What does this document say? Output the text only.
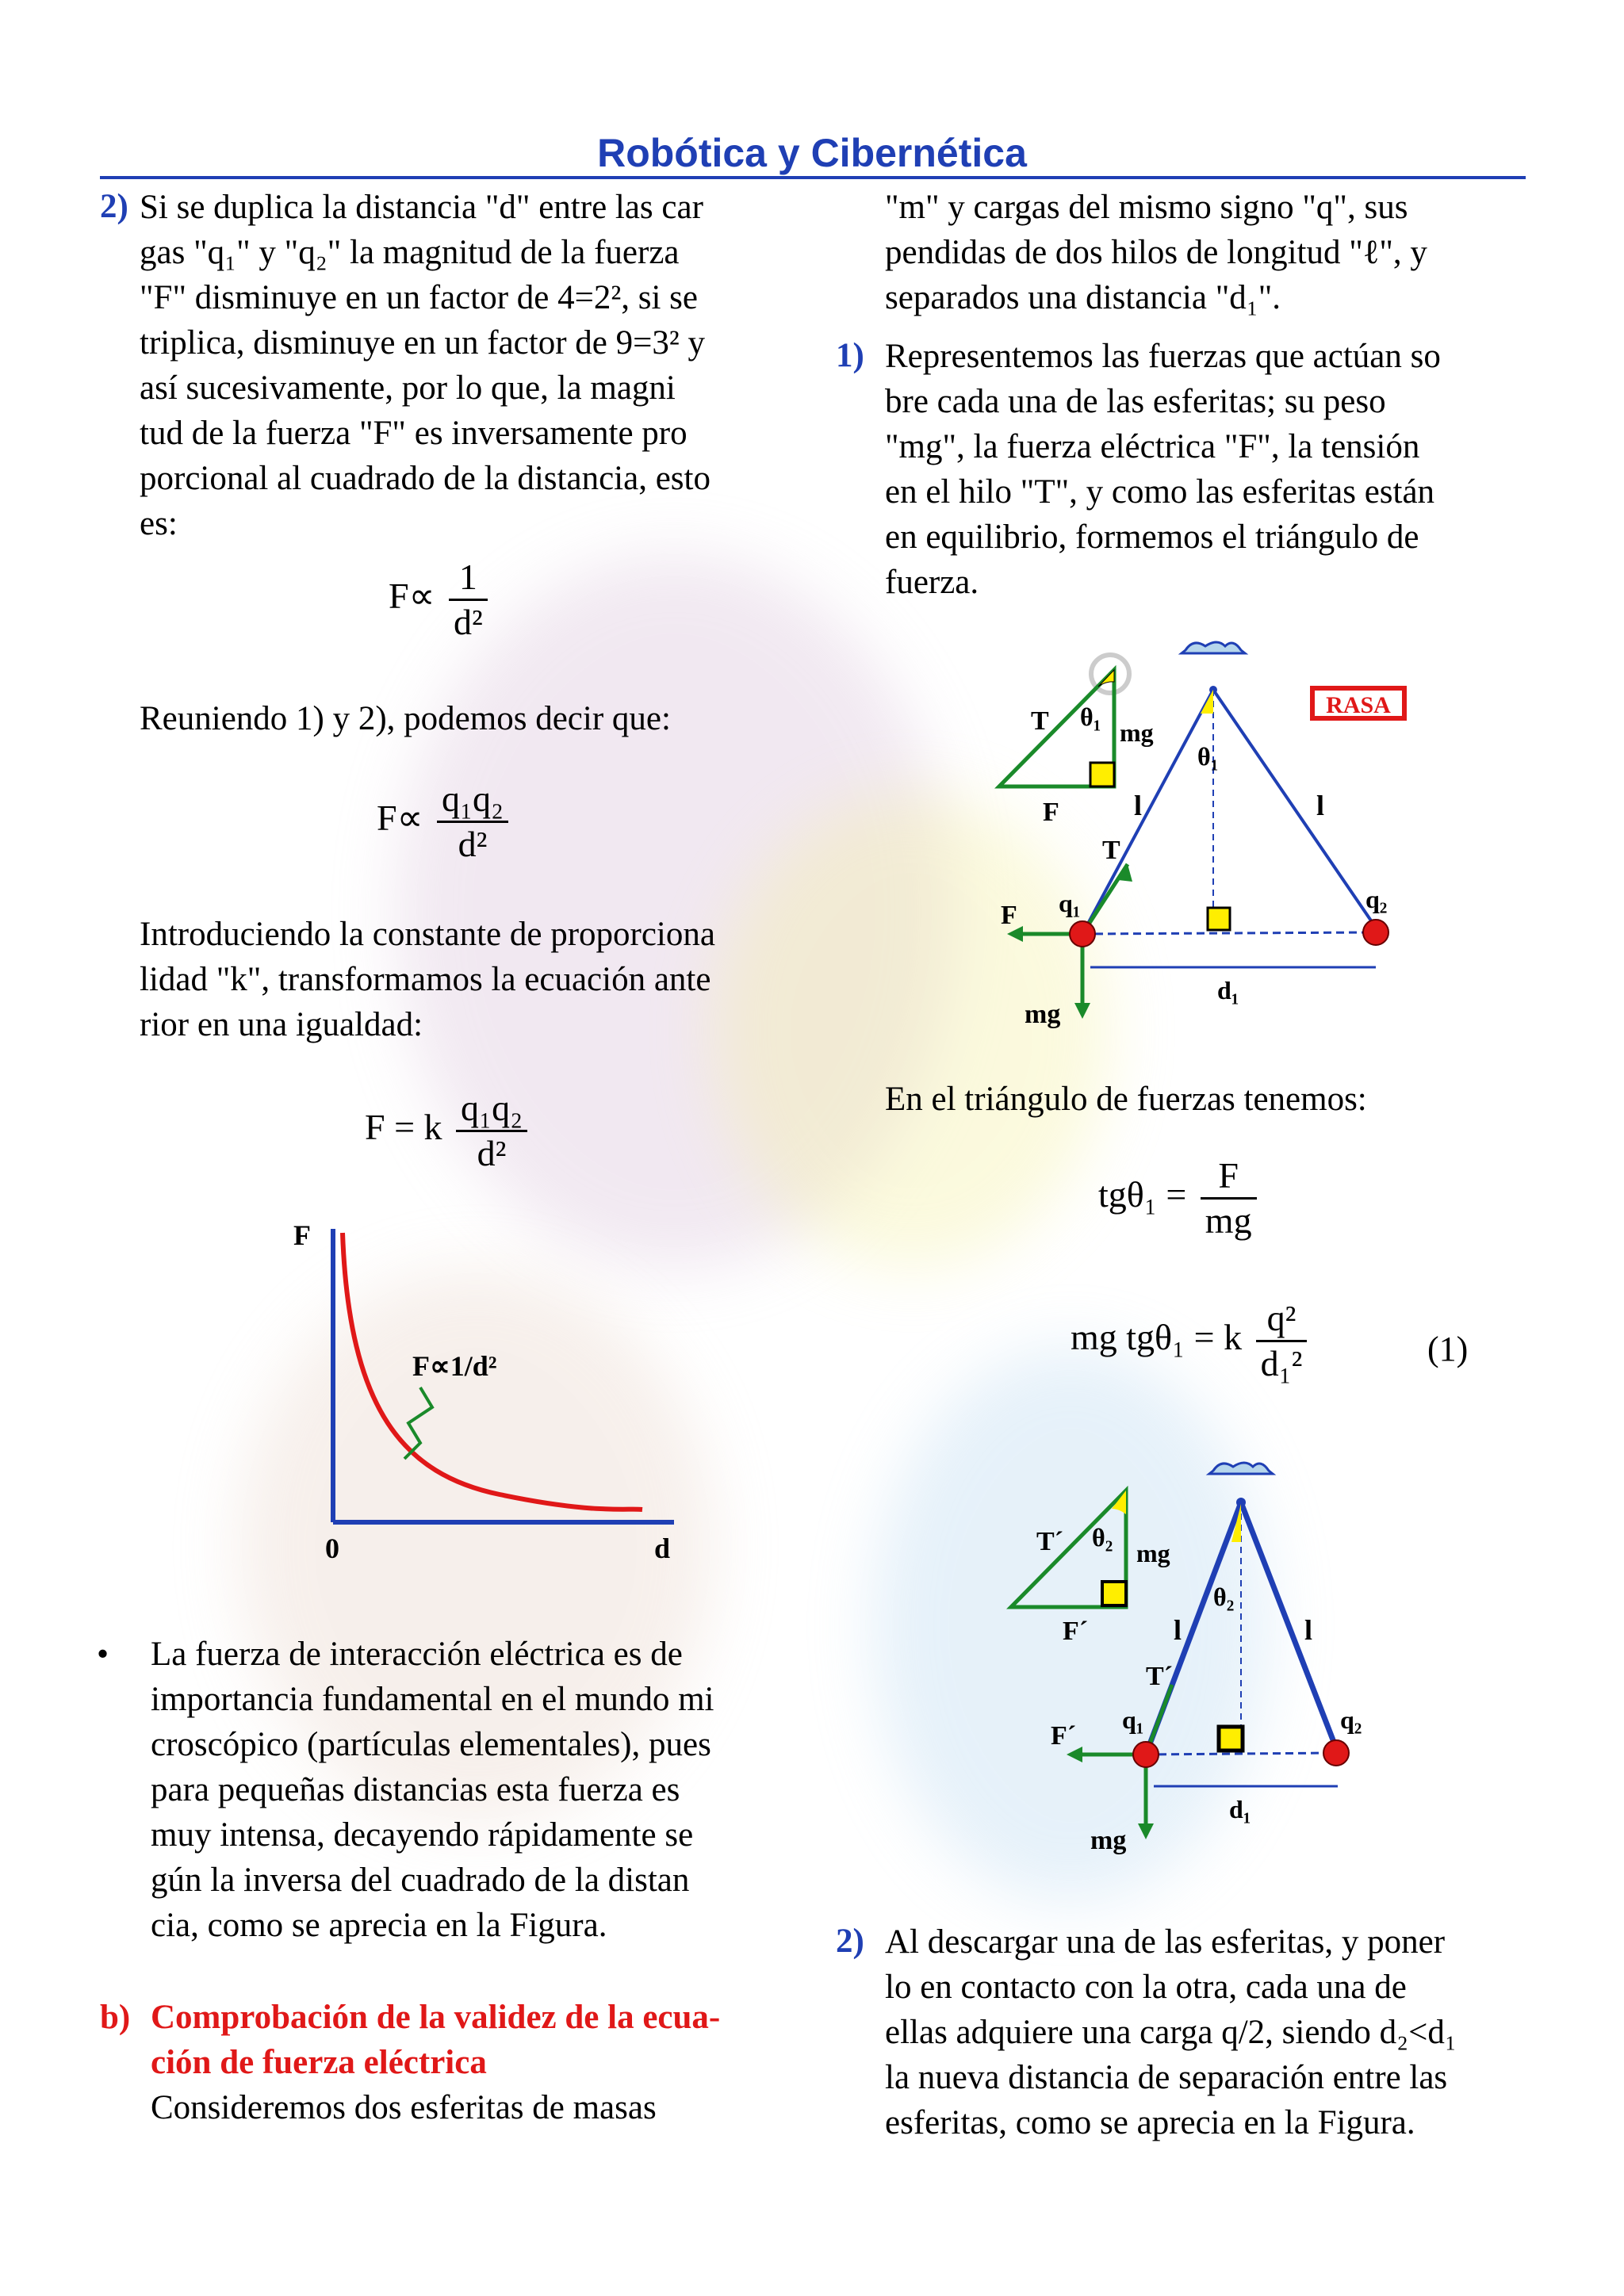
Robótica y Cibernética
2) Si se duplica la distancia "d" entre las car
gas "q₁" y "q₂" la magnitud de la fuerza
"F" disminuye en un factor de 4=2², si se
triplica, disminuye en un factor de 9=3² y
así sucesivamente, por lo que, la magni
tud de la fuerza "F" es inversamente pro
porcional al cuadrado de la distancia, esto
es:
$F\propto \frac{1}{\text{d²}}$
Reuniendo 1) y 2), podemos decir que:
$F\propto \frac{\text{q₁q₂}}{\text{d²}}$
Introduciendo la constante de proporciona
lidad "k", transformamos la ecuación ante
rior en una igualdad:
F = k $\frac{\text{q₁q₂}}{\text{d²}}$
F
0	d
F∝1/d²
• La fuerza de interacción eléctrica es de
importancia fundamental en el mundo mi
croscópico (partículas elementales), pues
para pequeñas distancias esta fuerza es
muy intensa, decayendo rápidamente se
gún la inversa del cuadrado de la distan
cia, como se aprecia en la Figura.
b) Comprobación de la validez de la ecua-
ción de fuerza eléctrica
Consideremos dos esferitas de masas
"m" y cargas del mismo signo "q", sus
pendidas de dos hilos de longitud "ℓ", y
separados una distancia "d₁".
1) Representemos las fuerzas que actúan so
bre cada una de las esferitas; su peso
"mg", la fuerza eléctrica "F", la tensión
en el hilo "T", y como las esferitas están
en equilibrio, formemos el triángulo de
fuerza.
T θ₁
mg
F
θ₁
l	l
T
F q₁	q₂
d₁
mg
RASA
En el triángulo de fuerzas tenemos:
$tg\theta_1 = \frac{F}{mg}$
mg tgθ₁ = k $\frac{\text{q²}}{\text{d₁²}}$	(1)
T´ θ₂
mg
F´
θ₂
l	l
T´
F´
q₁	q₂
d₁
mg
2) Al descargar una de las esferitas, y poner
lo en contacto con la otra, cada una de
ellas adquiere una carga q/2, siendo d₂<d₁
la nueva distancia de separación entre las
esferitas, como se aprecia en la Figura.
